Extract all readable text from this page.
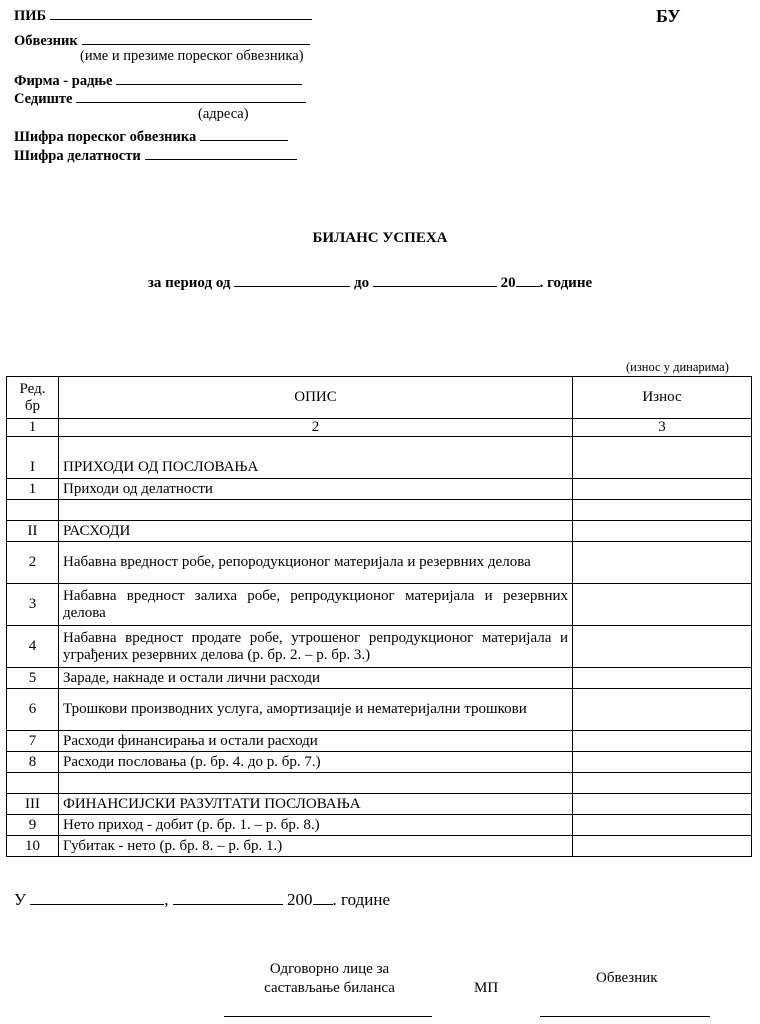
ПИБ
Обвезник
(име и презиме пореског обвезника)
Фирма - радње
Седиште
(адреса)
Шифра пореског обвезника
Шифра делатности
БУ
БИЛАНС УСПЕХА
за период од	до	20 . године
(износ у динарима)
Ред. бр	ОПИС	Износ
1	2	3
I	ПРИХОДИ ОД ПОСЛОВАЊА	
1	Приходи од делатности	

II	РАСХОДИ	
2	Набавна вредност робе, репородукционог материјала и резервних делова	
3	Набавна вредност залиха робе, репродукционог материјала и резервних делова	
4	Набавна вредност продате робе, утрошеног репродукционог материјала и уграђених резервних делова (р. бр. 2. – р. бр. 3.)	
5	Зараде, накнаде и остали лични расходи	
6	Трошкови производних услуга, амортизације и нематеријални трошкови	
7	Расходи финансирања и остали расходи	
8	Расходи пословања (р. бр. 4. до р. бр. 7.)	

III	ФИНАНСИЈСКИ РАЗУЛТАТИ ПОСЛОВАЊА	
9	Нето приход - добит (р. бр. 1. – р. бр. 8.)	
10	Губитак - нето (р. бр. 8. – р. бр. 1.)	
У	,	200 . године
Одговорно лице за састављање биланса	МП
Обвезник
